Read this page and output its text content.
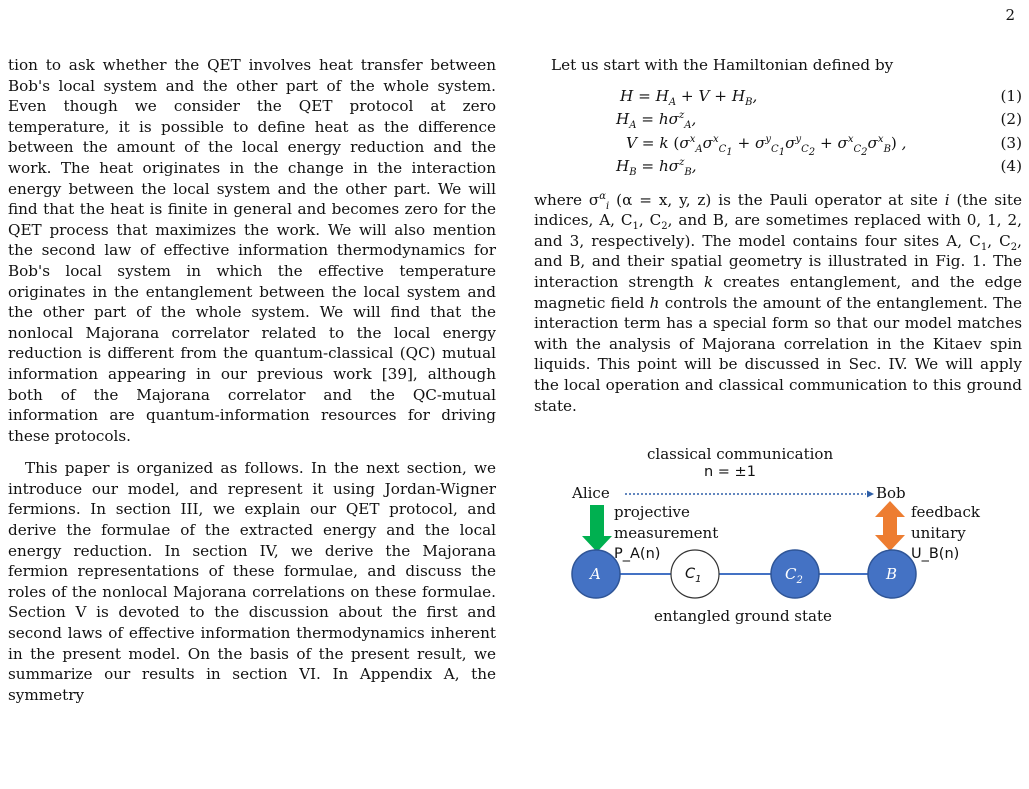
2

tion to ask whether the QET involves heat transfer between Bob's local system and the other part of the whole system. Even though we consider the QET protocol at zero temperature, it is possible to define heat as the difference between the amount of the local energy reduction and the work. The heat originates in the change in the interaction energy between the local system and the other part. We will find that the heat is finite in general and becomes zero for the QET process that maximizes the work. We will also mention the second law of effective information thermodynamics for Bob's local system in which the effective temperature originates in the entanglement between the local system and the other part of the whole system. We will find that the nonlocal Majorana correlator related to the local energy reduction is different from the quantum-classical (QC) mutual information appearing in our previous work [39], although both of the Majorana correlator and the QC-mutual information are quantum-information resources for driving these protocols.

This paper is organized as follows. In the next section, we introduce our model, and represent it using Jordan-Wigner fermions. In section III, we explain our QET protocol, and derive the formulae of the extracted energy and the local energy reduction. In section IV, we derive the Majorana fermion representations of these formulae, and discuss the roles of the nonlocal Majorana correlations on these formulae. Section V is devoted to the discussion about the first and second laws of effective information thermodynamics inherent in the present model. On the basis of the present result, we summarize our results in section VI. In Appendix A, the symmetry

Let us start with the Hamiltonian defined by

$H = H_A + V + H_B$,	(1)
$H_A = h\sigma^z_A$,	(2)
V = k $(\sigma^x_A\sigma^x_{C_1} + \sigma^y_{C_1}\sigma^y_{C_2} + \sigma^x_{C_2}\sigma^x_B)$ ,	(3)
$H_B = h\sigma^z_B$,	(4)

where $\sigma^\alpha_i$ (α = x, y, z) is the Pauli operator at site i (the site indices, A, $C_1$, $C_2$, and B, are sometimes replaced with 0, 1, 2, and 3, respectively). The model contains four sites A, $C_1$, $C_2$, and B, and their spatial geometry is illustrated in Fig. 1. The interaction strength k creates entanglement, and the edge magnetic field h controls the amount of the entanglement. The interaction term has a special form so that our model matches with the analysis of Majorana correlation in the Kitaev spin liquids. This point will be discussed in Sec. IV. We will apply the local operation and classical communication to this ground state.

classical communication
n = ±1
Alice	Bob
projective
measurement
P_A(n)
feedback
unitary
U_B(n)
A	$C_1$	$C_2$	B
entangled ground state
